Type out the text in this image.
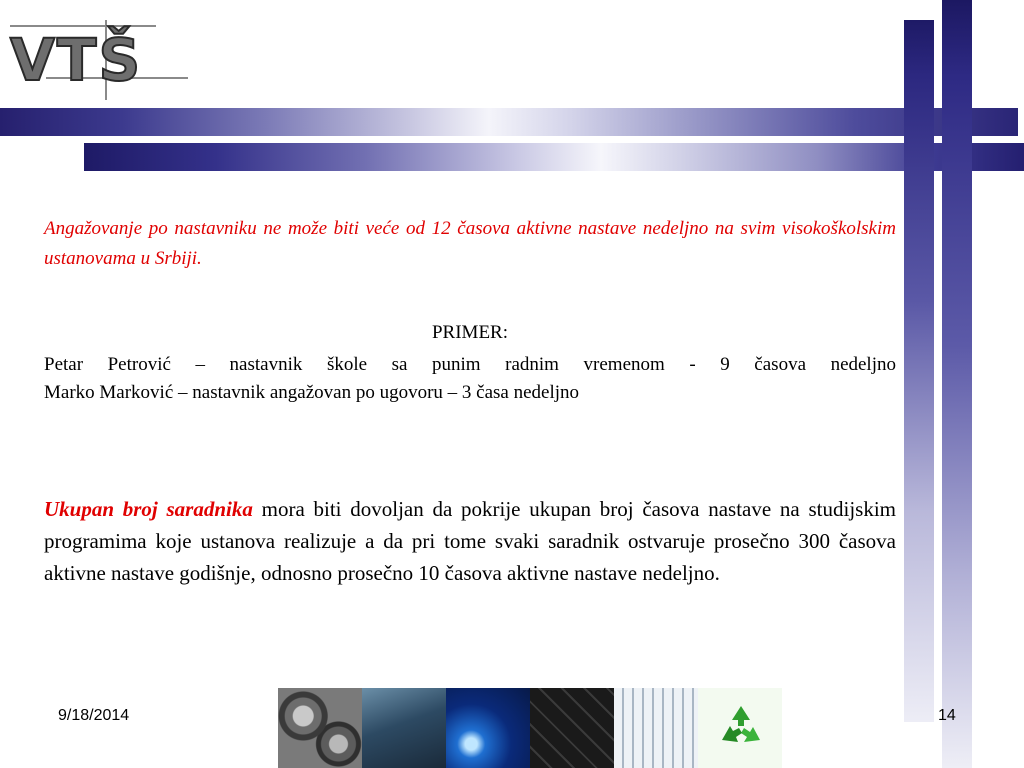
VTŠ
Angažovanje po nastavniku ne može biti veće od 12 časova aktivne nastave nedeljno na svim visokoškolskim ustanovama u Srbiji.
PRIMER:
Petar Petrović – nastavnik škole sa punim radnim vremenom - 9 časova nedeljno
Marko Marković – nastavnik angažovan po ugovoru – 3 časa nedeljno
Ukupan broj saradnika mora biti dovoljan da pokrije ukupan broj časova nastave na studijskim programima koje ustanova realizuje a da pri tome svaki saradnik ostvaruje prosečno 300 časova aktivne nastave godišnje, odnosno prosečno 10 časova aktivne nastave nedeljno.
9/18/2014	14
